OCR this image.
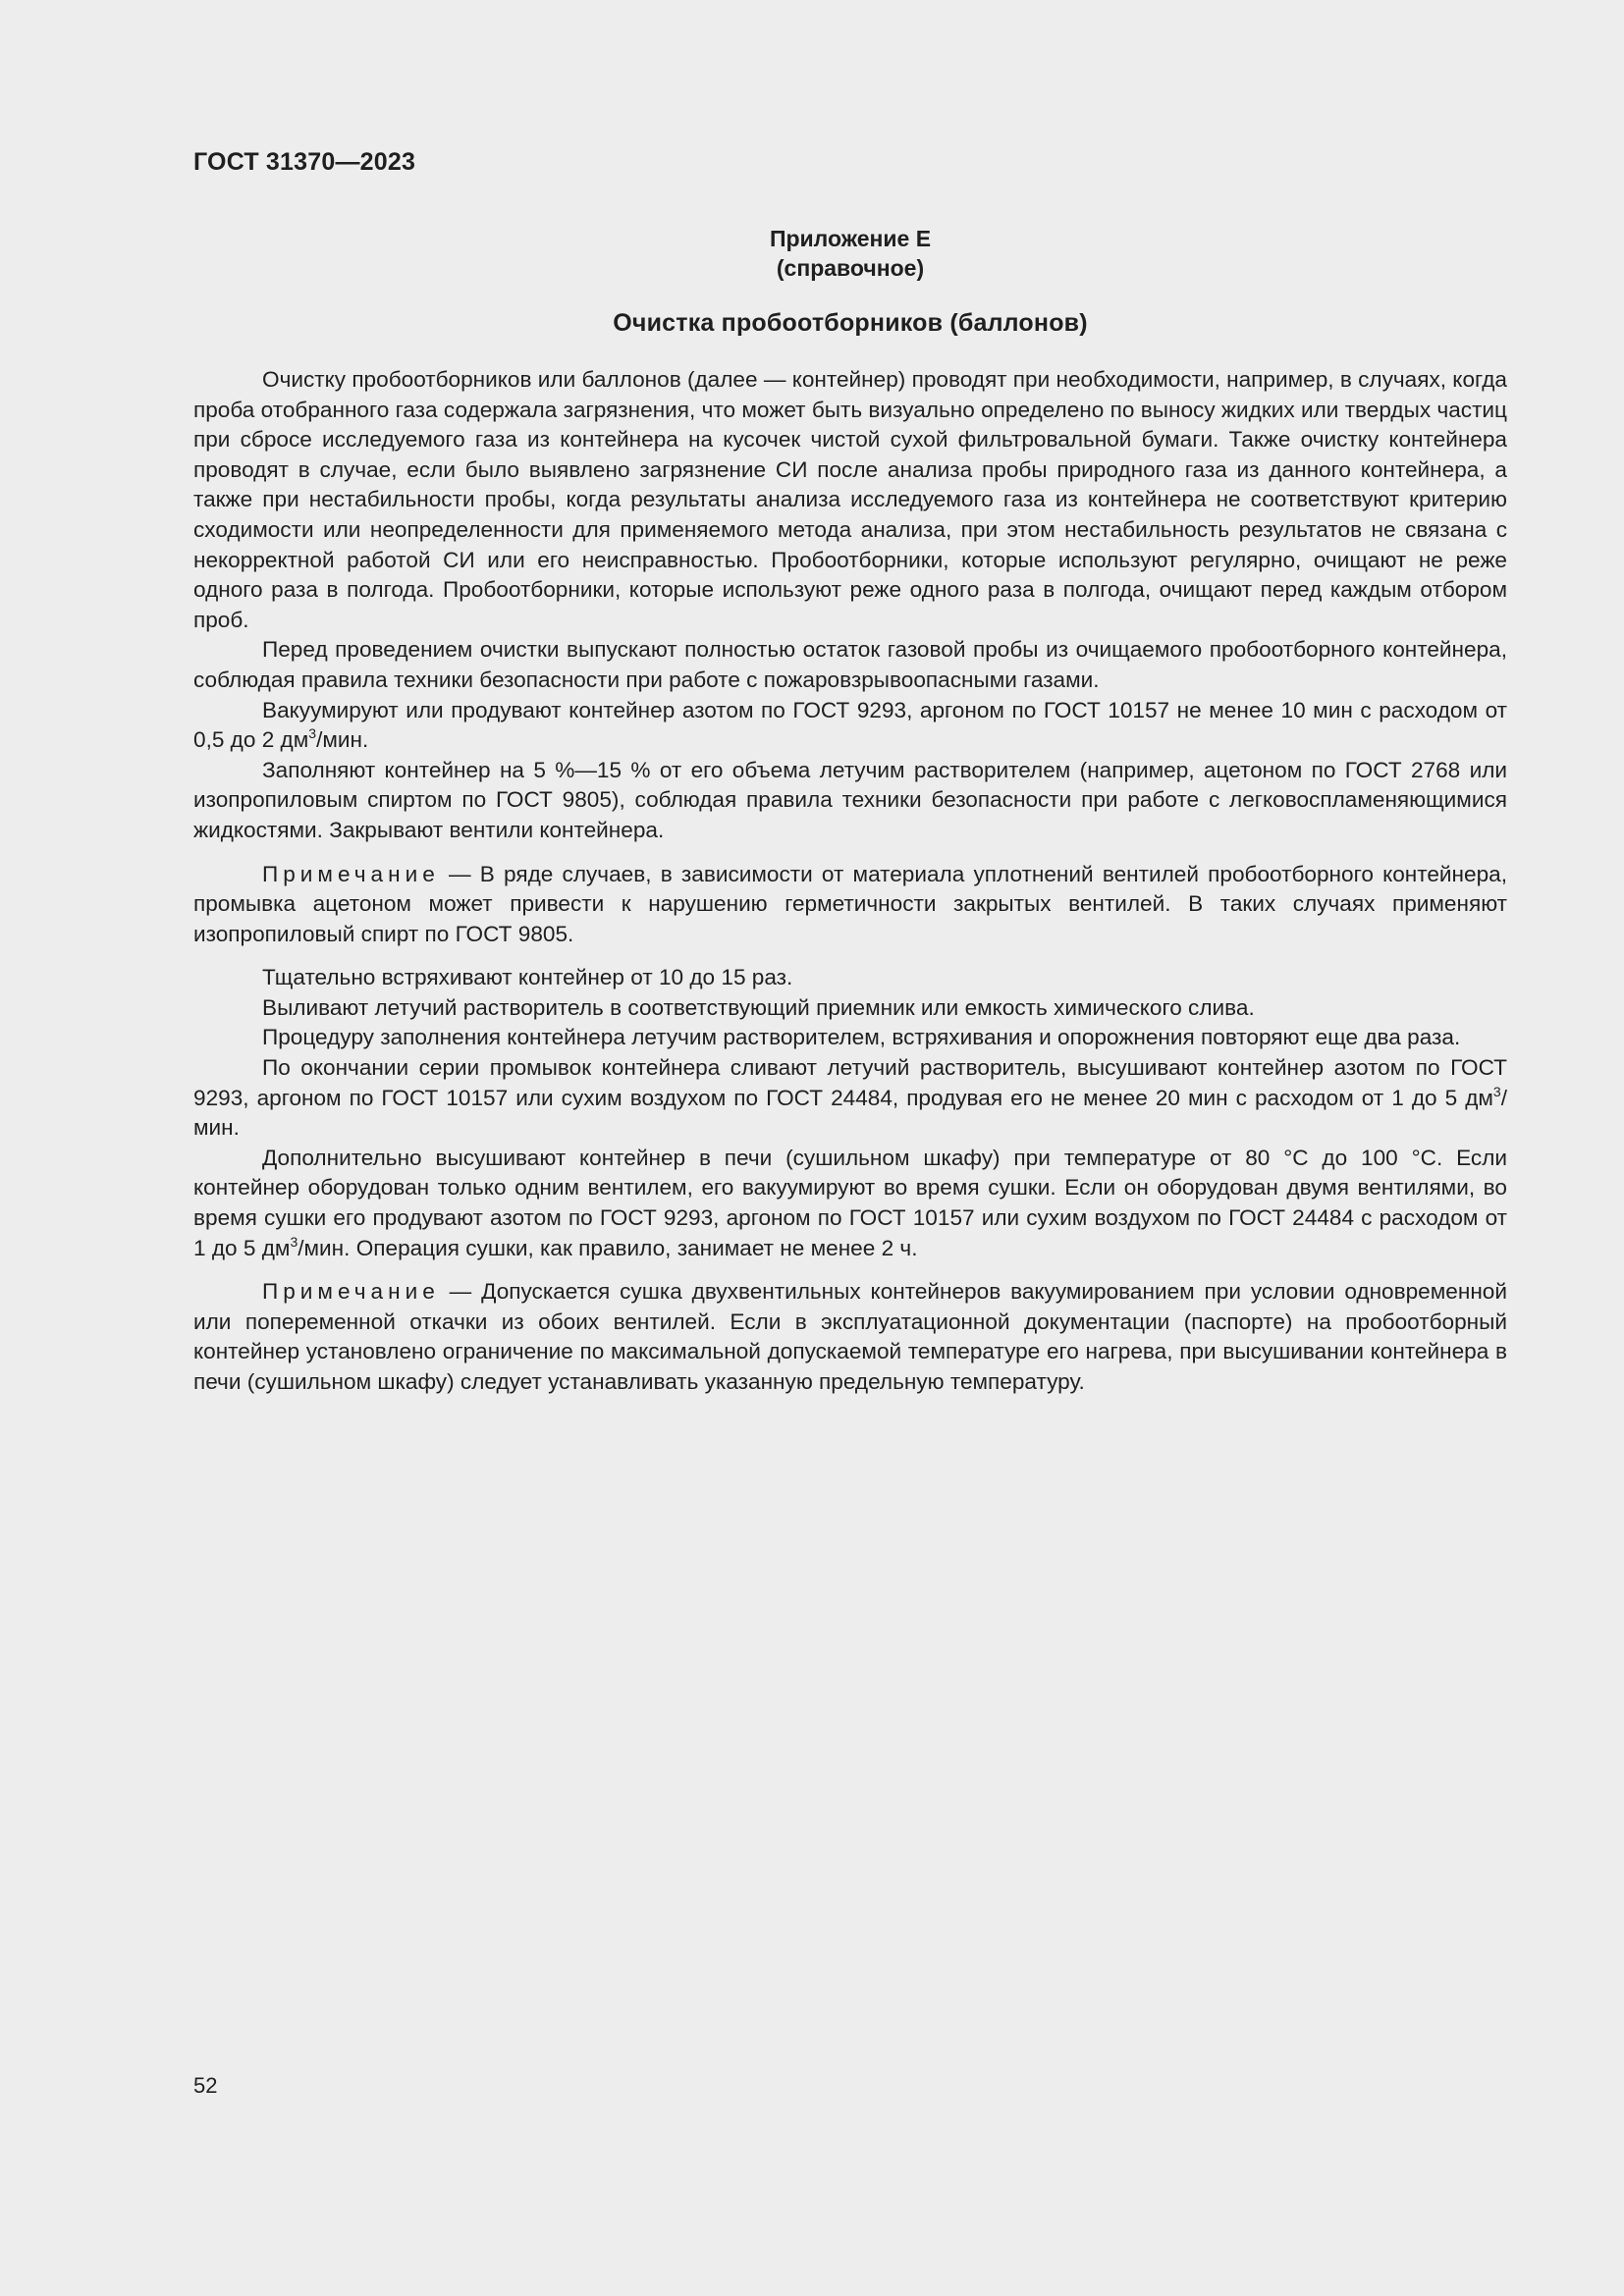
ГОСТ 31370—2023
Приложение Е
(справочное)
Очистка пробоотборников (баллонов)

Очистку пробоотборников или баллонов (далее — контейнер) проводят при необходимости, например, в случаях, когда проба отобранного газа содержала загрязнения, что может быть визуально определено по выносу жидких или твердых частиц при сбросе исследуемого газа из контейнера на кусочек чистой сухой фильтровальной бумаги. Также очистку контейнера проводят в случае, если было выявлено загрязнение СИ после анализа пробы природного газа из данного контейнера, а также при нестабильности пробы, когда результаты анализа исследуемого газа из контейнера не соответствуют критерию сходимости или неопределенности для применяемого метода анализа, при этом нестабильность результатов не связана с некорректной работой СИ или его неисправностью. Пробоотборники, которые используют регулярно, очищают не реже одного раза в полгода. Пробоотборники, которые используют реже одного раза в полгода, очищают перед каждым отбором проб.

Перед проведением очистки выпускают полностью остаток газовой пробы из очищаемого пробоотборного контейнера, соблюдая правила техники безопасности при работе с пожаровзрывоопасными газами.

Вакуумируют или продувают контейнер азотом по ГОСТ 9293, аргоном по ГОСТ 10157 не менее 10 мин с расходом от 0,5 до 2 $дм^3$/мин.

Заполняют контейнер на 5 %—15 % от его объема летучим растворителем (например, ацетоном по ГОСТ 2768 или изопропиловым спиртом по ГОСТ 9805), соблюдая правила техники безопасности при работе с легковоспламеняющимися жидкостями. Закрывают вентили контейнера.

Примечание — В ряде случаев, в зависимости от материала уплотнений вентилей пробоотборного контейнера, промывка ацетоном может привести к нарушению герметичности закрытых вентилей. В таких случаях применяют изопропиловый спирт по ГОСТ 9805.

Тщательно встряхивают контейнер от 10 до 15 раз.

Выливают летучий растворитель в соответствующий приемник или емкость химического слива.

Процедуру заполнения контейнера летучим растворителем, встряхивания и опорожнения повторяют еще два раза.

По окончании серии промывок контейнера сливают летучий растворитель, высушивают контейнер азотом по ГОСТ 9293, аргоном по ГОСТ 10157 или сухим воздухом по ГОСТ 24484, продувая его не менее 20 мин с расходом от 1 до 5 $дм^3$/мин.

Дополнительно высушивают контейнер в печи (сушильном шкафу) при температуре от 80 °С до 100 °С. Если контейнер оборудован только одним вентилем, его вакуумируют во время сушки. Если он оборудован двумя вентилями, во время сушки его продувают азотом по ГОСТ 9293, аргоном по ГОСТ 10157 или сухим воздухом по ГОСТ 24484 с расходом от 1 до 5 $дм^3$/мин. Операция сушки, как правило, занимает не менее 2 ч.

Примечание — Допускается сушка двухвентильных контейнеров вакуумированием при условии одновременной или попеременной откачки из обоих вентилей. Если в эксплуатационной документации (паспорте) на пробоотборный контейнер установлено ограничение по максимальной допускаемой температуре его нагрева, при высушивании контейнера в печи (сушильном шкафу) следует устанавливать указанную предельную температуру.

52
